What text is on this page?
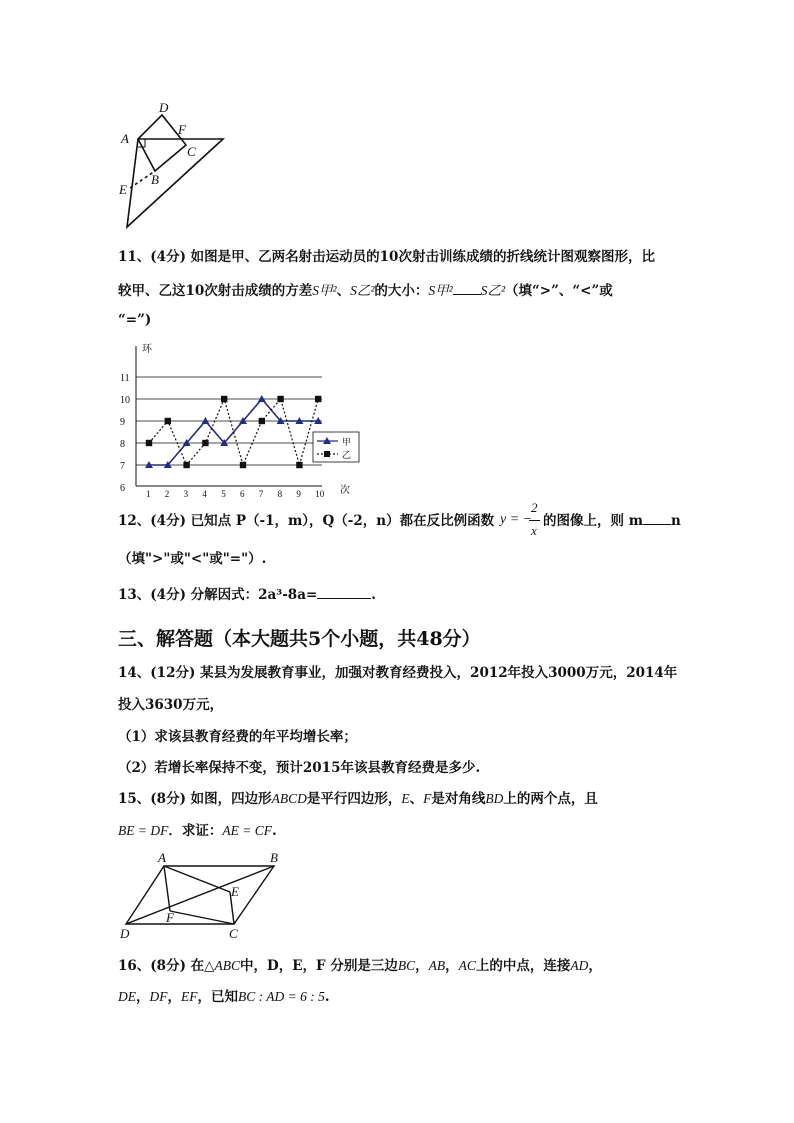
A
D
F
C
B
E
11、(4分) 如图是甲、乙两名射击运动员的10次射击训练成绩的折线统计图观察图形，比
较甲、乙这10次射击成绩的方差S甲²、S乙²的大小：S甲² S乙²（填“>”、“<”或
“=”)
6
7
8
9
10
11
环
1 2 3 4 5 6 7 8 9 10 次
甲
乙
12、(4分) 已知点 P（-1，m），Q（-2，n）都在反比例函数 y = −
2
x
的图像上，则 m n
（填">"或"<"或"="）.
13、(4分) 分解因式：2a³-8a=	.
三、解答题（本大题共5个小题，共48分）
14、(12分) 某县为发展教育事业，加强对教育经费投入，2012年投入3000万元，2014年
投入3630万元，
（1）求该县教育经费的年平均增长率；
（2）若增长率保持不变，预计2015年该县教育经费是多少.
15、(8分) 如图，四边形ABCD是平行四边形，E、F是对角线BD上的两个点，且
BE = DF．求证：AE = CF.
A	B
E
F
D	C
16、(8分) 在△ABC中，D，E，F 分别是三边BC，AB，AC上的中点，连接AD，
DE，DF，EF，已知BC : AD = 6 : 5.
